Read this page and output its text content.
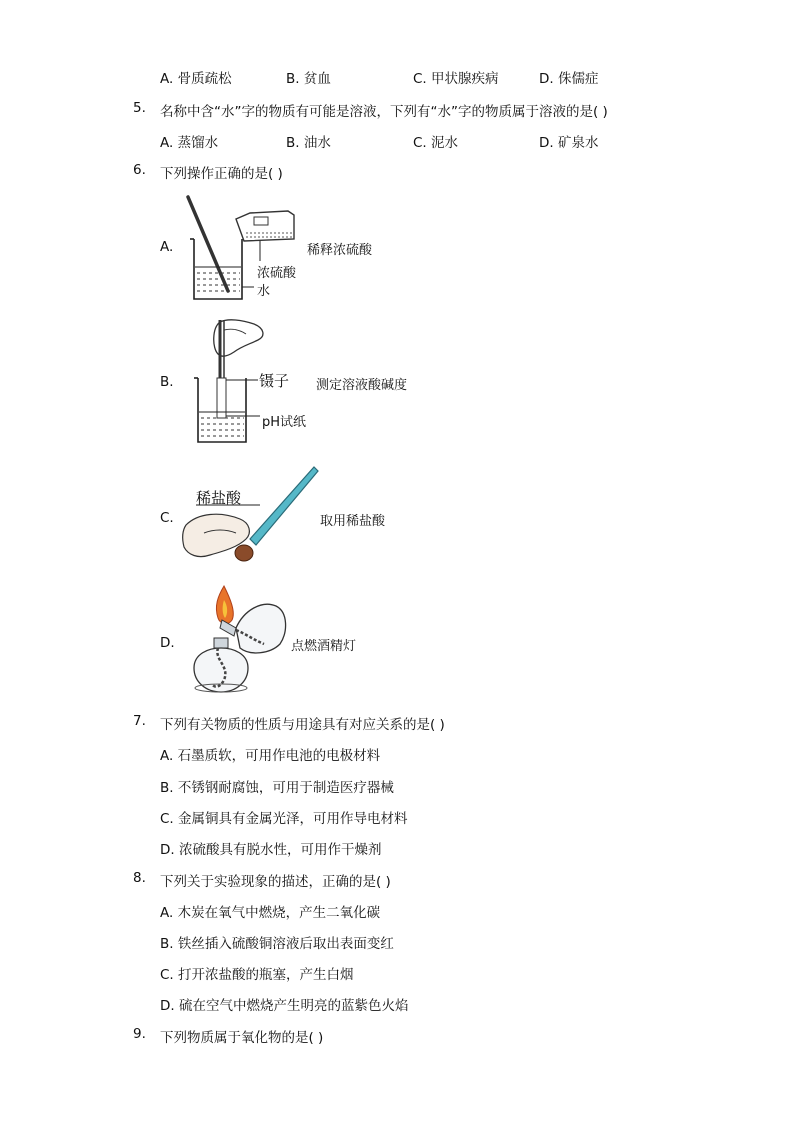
A. 骨质疏松	B. 贫血	C. 甲状腺疾病	D. 侏儒症
5. 名称中含“水”字的物质有可能是溶液，下列有“水”字的物质属于溶液的是( )
A. 蒸馏水	B. 油水	C. 泥水	D. 矿泉水
6. 下列操作正确的是( )
A.	稀释浓硫酸
浓硫酸
水
B.	镊子
pH试纸
测定溶液酸碱度
C.
稀盐酸
取用稀盐酸
D.	点燃酒精灯
7. 下列有关物质的性质与用途具有对应关系的是( )
A. 石墨质软，可用作电池的电极材料
B. 不锈钢耐腐蚀，可用于制造医疗器械
C. 金属铜具有金属光泽，可用作导电材料
D. 浓硫酸具有脱水性，可用作干燥剂
8. 下列关于实验现象的描述，正确的是( )
A. 木炭在氧气中燃烧，产生二氧化碳
B. 铁丝插入硫酸铜溶液后取出表面变红
C. 打开浓盐酸的瓶塞，产生白烟
D. 硫在空气中燃烧产生明亮的蓝紫色火焰
9. 下列物质属于氧化物的是( )
